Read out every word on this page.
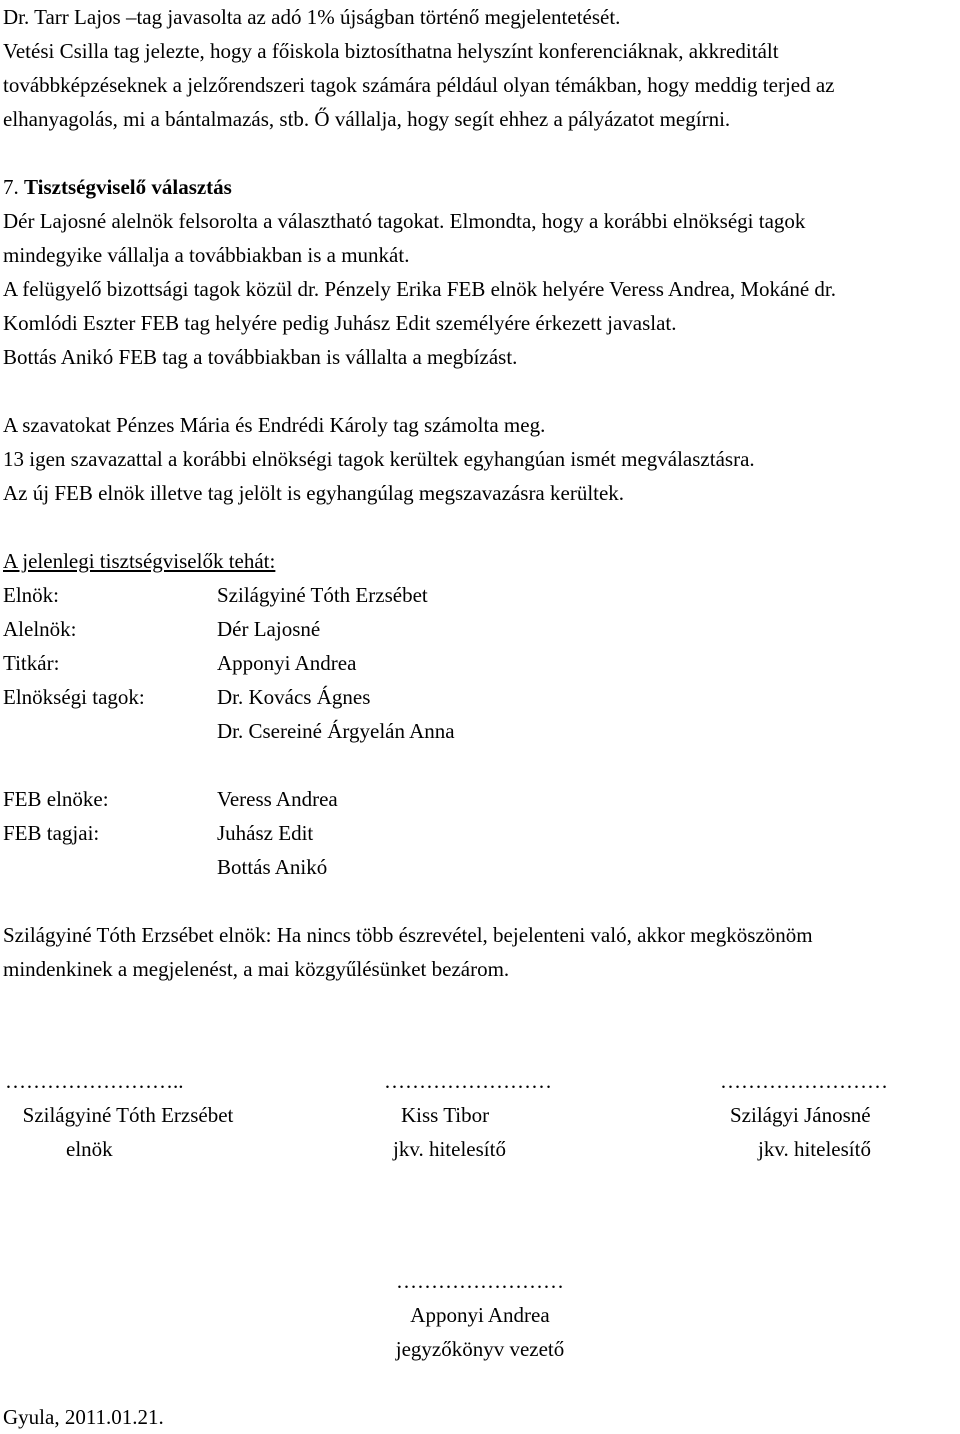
Dr. Tarr Lajos –tag javasolta az adó 1% újságban történő megjelentetését.
Vetési Csilla tag jelezte, hogy a főiskola biztosíthatna helyszínt konferenciáknak, akkreditált
továbbképzéseknek a jelzőrendszeri tagok számára például olyan témákban, hogy meddig terjed az
elhanyagolás, mi a bántalmazás, stb. Ő vállalja, hogy segít ehhez a pályázatot megírni.
7. Tisztségviselő választás
Dér Lajosné alelnök felsorolta a választható tagokat. Elmondta, hogy a korábbi elnökségi tagok
mindegyike vállalja a továbbiakban is a munkát.
A felügyelő bizottsági tagok közül dr. Pénzely Erika FEB elnök helyére Veress Andrea, Mokáné dr.
Komlódi Eszter FEB tag helyére pedig Juhász Edit személyére érkezett javaslat.
Bottás Anikó FEB tag a továbbiakban is vállalta a megbízást.
A szavatokat Pénzes Mária és Endrédi Károly tag számolta meg.
13 igen szavazattal a korábbi elnökségi tagok kerültek egyhangúan ismét megválasztásra.
Az új FEB elnök illetve tag jelölt is egyhangúlag megszavazásra kerültek.
A jelenlegi tisztségviselők tehát:
Elnök:	Szilágyiné Tóth Erzsébet
Alelnök:	Dér Lajosné
Titkár:	Apponyi Andrea
Elnökségi tagok:	Dr. Kovács Ágnes
Dr. Csereiné Árgyelán Anna
FEB elnöke:	Veress Andrea
FEB tagjai:	Juhász Edit
Bottás Anikó
Szilágyiné Tóth Erzsébet elnök: Ha nincs több észrevétel, bejelenteni való, akkor megköszönöm
mindenkinek a megjelenést, a mai közgyűlésünket bezárom.
……………………..
Szilágyiné Tóth Erzsébet
elnök
……………………
Kiss Tibor
jkv. hitelesítő
……………………
Szilágyi Jánosné
jkv. hitelesítő
……………………
Apponyi Andrea
jegyzőkönyv vezető
Gyula, 2011.01.21.
